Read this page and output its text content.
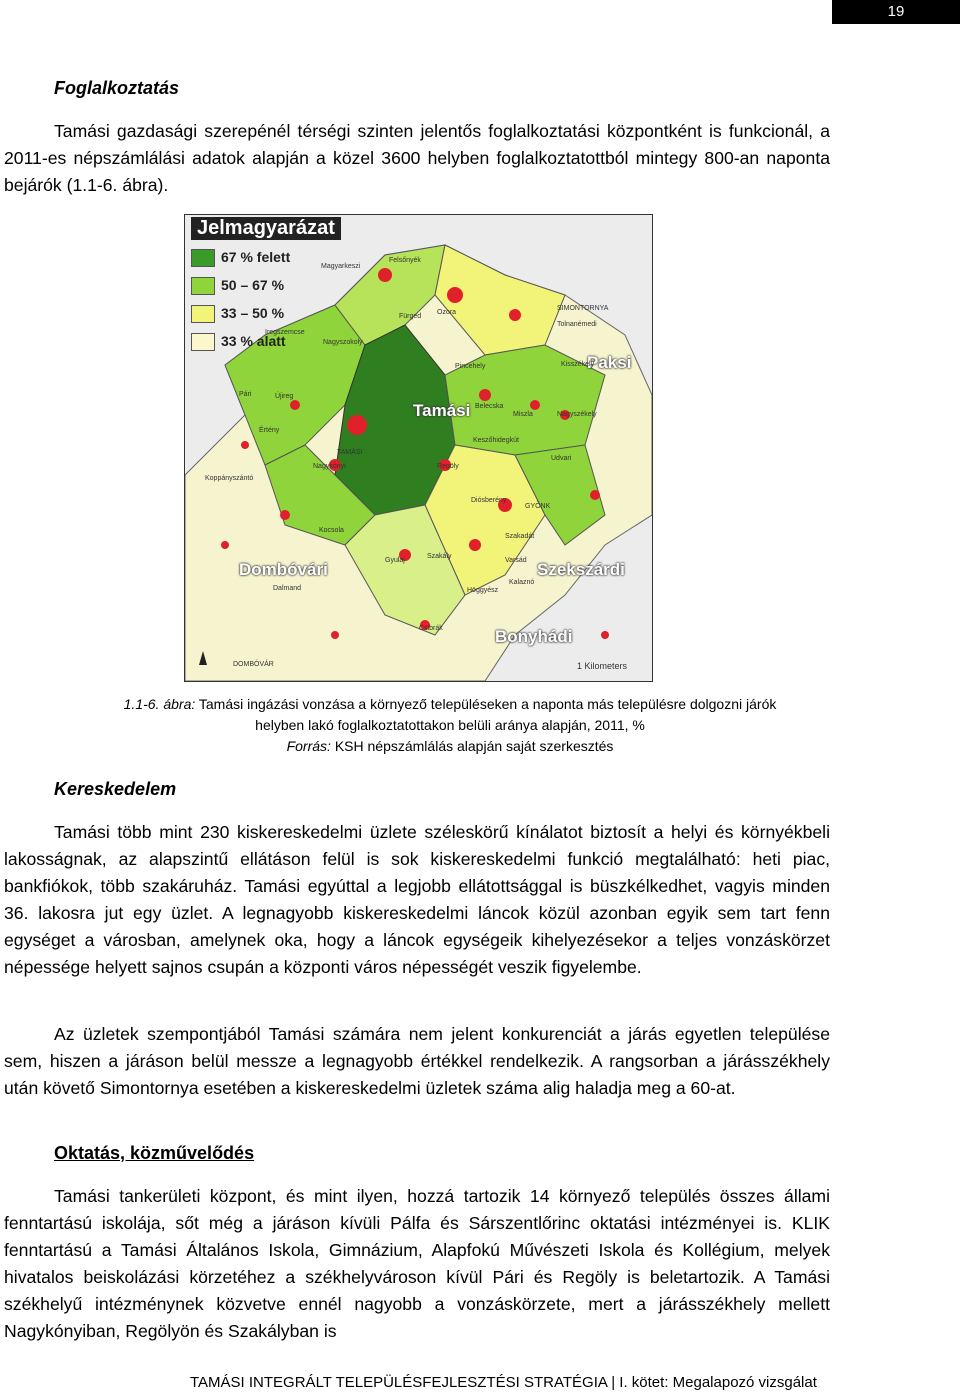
19
Foglalkoztatás

Tamási gazdasági szerepénél térségi szinten jelentős foglalkoztatási központként is funkcionál, a 2011-es népszámlálási adatok alapján a közel 3600 helyben foglalkoztatottból mintegy 800-an naponta bejárók (1.1-6. ábra).

Jelmagyarázat
67 % felett
50 – 67 %
33 – 50 %
33 % alatt
Tamási
Paksi
Dombóvári	Szekszárdi
Bonyhádi
Felsőnyék
Magyarkeszi
Fürged
Ozora
SIMONTORNYA
Tolnanémedi
Pincehely
Nagyszokoly
Iregszemcse
Kisszékely
Belecska
Miszla	Nagyszékely
Keszőhidegkút
Udvari
Nagykónyi	Regöly
GYÖNK
Koppányszántó
TAMÁSI
Diósberény
Szakadát
Szakály
Varsád
Kalaznó
Höggyész
Gyulaj
DOMBÓVÁR
Értény
Pári	Újireg
Kocsola
Dalmand
Csibrák
1 Kilometers
1.1-6. ábra: Tamási ingázási vonzása a környező településeken a naponta más településre dolgozni járók
helyben lakó foglalkoztatottakon belüli aránya alapján, 2011, %
Forrás: KSH népszámlálás alapján saját szerkesztés
Kereskedelem

Tamási több mint 230 kiskereskedelmi üzlete széleskörű kínálatot biztosít a helyi és környékbeli lakosságnak, az alapszintű ellátáson felül is sok kiskereskedelmi funkció megtalálható: heti piac, bankfiókok, több szakáruház. Tamási egyúttal a legjobb ellátottsággal is büszkélkedhet, vagyis minden 36. lakosra jut egy üzlet. A legnagyobb kiskereskedelmi láncok közül azonban egyik sem tart fenn egységet a városban, amelynek oka, hogy a láncok egységeik kihelyezésekor a teljes vonzáskörzet népessége helyett sajnos csupán a központi város népességét veszik figyelembe.

Az üzletek szempontjából Tamási számára nem jelent konkurenciát a járás egyetlen települése sem, hiszen a járáson belül messze a legnagyobb értékkel rendelkezik. A rangsorban a járásszékhely után követő Simontornya esetében a kiskereskedelmi üzletek száma alig haladja meg a 60-at.

Oktatás, közművelődés

Tamási tankerületi központ, és mint ilyen, hozzá tartozik 14 környező település összes állami fenntartású iskolája, sőt még a járáson kívüli Pálfa és Sárszentlőrinc oktatási intézményei is. KLIK fenntartású a Tamási Általános Iskola, Gimnázium, Alapfokú Művészeti Iskola és Kollégium, melyek hivatalos beiskolázási körzetéhez a székhelyvároson kívül Pári és Regöly is beletartozik. A Tamási székhelyű intézménynek közvetve ennél nagyobb a vonzáskörzete, mert a járásszékhely mellett Nagykónyiban, Regölyön és Szakályban is

TAMÁSI INTEGRÁLT TELEPÜLÉSFEJLESZTÉSI STRATÉGIA | I. kötet: Megalapozó vizsgálat
